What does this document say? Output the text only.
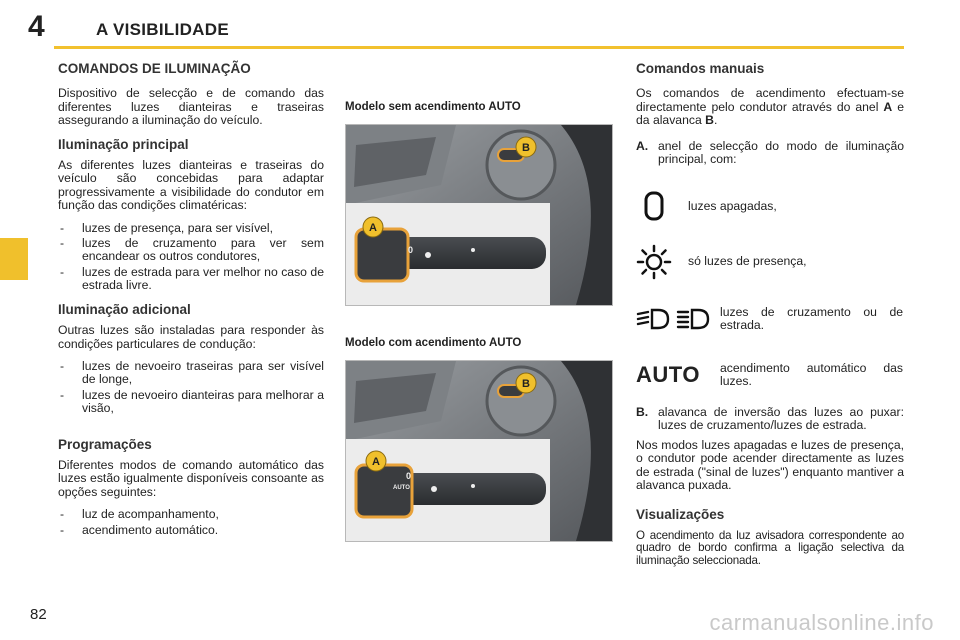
4	A VISIBILIDADE
COMANDOS DE ILUMINAÇÃO

Dispositivo de selecção e de comando das diferentes luzes dianteiras e traseiras assegurando a iluminação do veículo.

Iluminação principal

As diferentes luzes dianteiras e traseiras do veículo são concebidas para adaptar progressivamente a visibilidade do condutor em função das condições climatéricas:

- luzes de presença, para ser visível,
- luzes de cruzamento para ver sem encandear os outros condutores,
- luzes de estrada para ver melhor no caso de estrada livre.
Iluminação adicional

Outras luzes são instaladas para responder às condições particulares de condução:

- luzes de nevoeiro traseiras para ser visível de longe,
- luzes de nevoeiro dianteiras para melhorar a visão,
Programações

Diferentes modos de comando automático das luzes estão igualmente disponíveis consoante as opções seguintes:

- luz de acompanhamento,
- acendimento automático.
Modelo sem acendimento AUTO
0
A
B
Modelo com acendimento AUTO
0
AUTO
A
B
Comandos manuais

Os comandos de acendimento efectuam-se directamente pelo condutor através do anel A e da alavanca B.

A. anel de selecção do modo de iluminação principal, com:
luzes apagadas,
só luzes de presença,
luzes de cruzamento ou de estrada.
AUTO	acendimento automático das luzes.
B. alavanca de inversão das luzes ao puxar: luzes de cruzamento/luzes de estrada.

Nos modos luzes apagadas e luzes de presença, o condutor pode acender directamente as luzes de estrada ("sinal de luzes") enquanto mantiver a alavanca puxada.

Visualizações

O acendimento da luz avisadora correspondente ao quadro de bordo confirma a ligação selectiva da iluminação seleccionada.

82	carmanualsonline.info
